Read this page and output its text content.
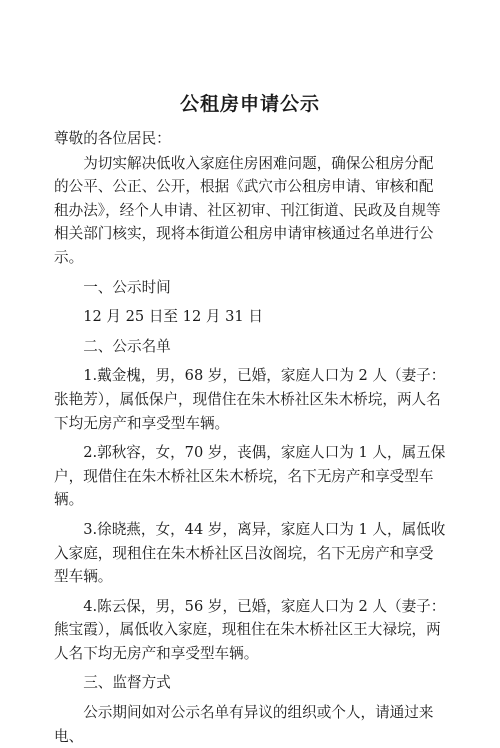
公租房申请公示

尊敬的各位居民：

为切实解决低收入家庭住房困难问题，确保公租房分配的公平、公正、公开，根据《武穴市公租房申请、审核和配租办法》，经个人申请、社区初审、刊江街道、民政及自规等相关部门核实，现将本街道公租房申请审核通过名单进行公示。

一、公示时间

12 月 25 日至 12 月 31 日

二、公示名单

1.戴金槐，男，68 岁，已婚，家庭人口为 2 人（妻子：张艳芳），属低保户，现借住在朱木桥社区朱木桥垸，两人名下均无房产和享受型车辆。

2.郭秋容，女，70 岁，丧偶，家庭人口为 1 人，属五保户，现借住在朱木桥社区朱木桥垸，名下无房产和享受型车辆。

3.徐晓燕，女，44 岁，离异，家庭人口为 1 人，属低收入家庭，现租住在朱木桥社区吕汝阁垸，名下无房产和享受型车辆。

4.陈云保，男，56 岁，已婚，家庭人口为 2 人（妻子：熊宝霞），属低收入家庭，现租住在朱木桥社区王大禄垸，两人名下均无房产和享受型车辆。

三、监督方式

公示期间如对公示名单有异议的组织或个人，请通过来电、
